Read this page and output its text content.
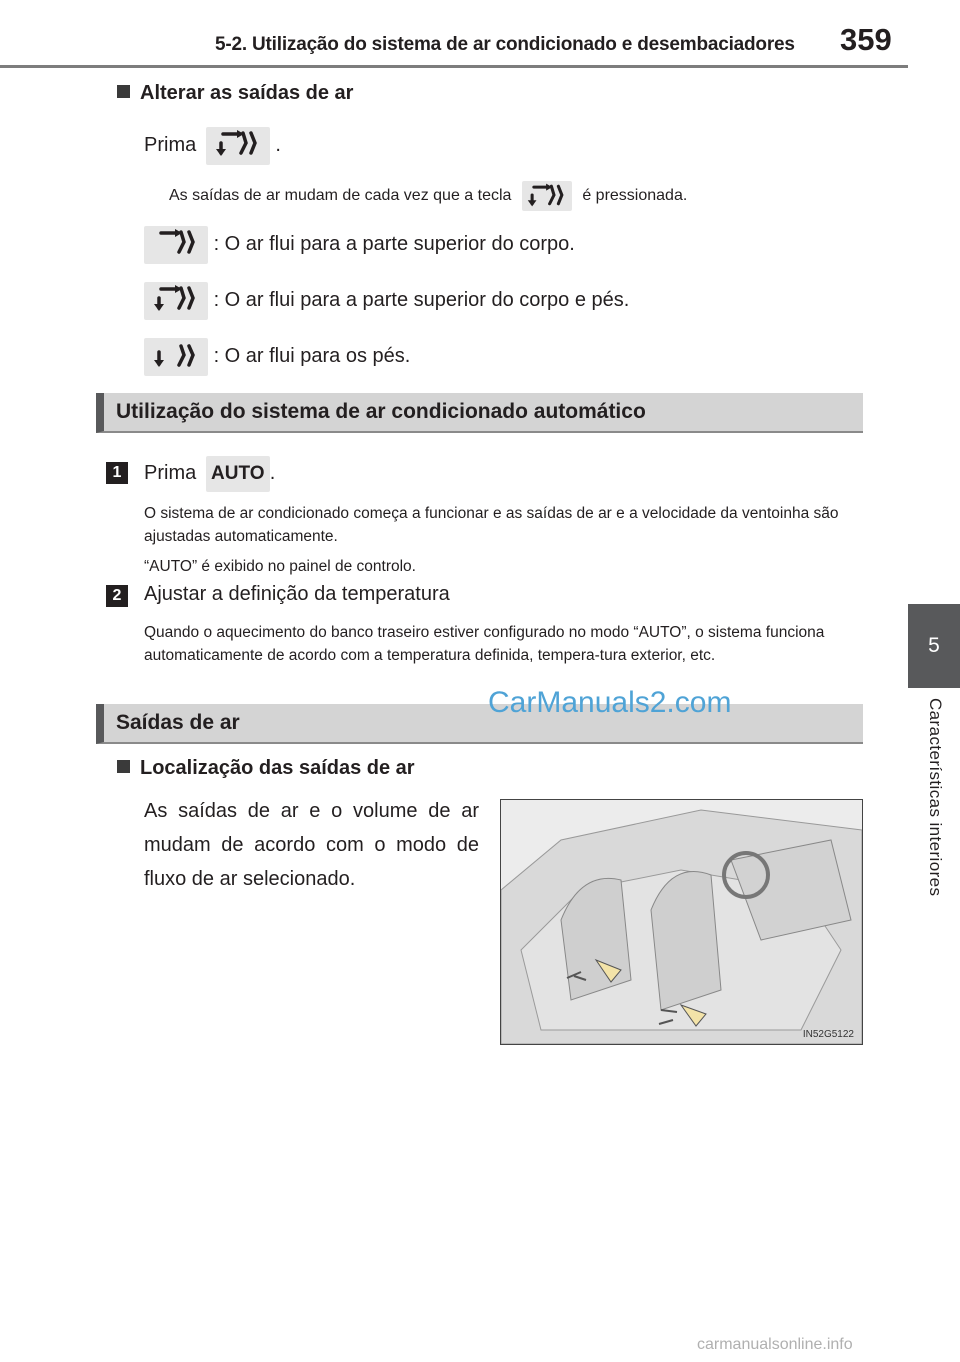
5-2. Utilização do sistema de ar condicionado e desembaciadores 359
5
Características interiores
Alterar as saídas de ar
Prima	.
As saídas de ar mudam de cada vez que a tecla	é pressionada.
: O ar flui para a parte superior do corpo.
: O ar flui para a parte superior do corpo e pés.
: O ar flui para os pés.
Utilização do sistema de ar condicionado automático
1	Prima AUTO .
O sistema de ar condicionado começa a funcionar e as saídas de ar e a velocidade da ventoinha são ajustadas automaticamente.
“AUTO” é exibido no painel de controlo.
2	Ajustar a definição da temperatura
Quando o aquecimento do banco traseiro estiver configurado no modo “AUTO”, o sistema funciona automaticamente de acordo com a temperatura definida, tempera-tura exterior, etc.
Saídas de ar
CarManuals2.com
Localização das saídas de ar
As saídas de ar e o volume de ar mudam de acordo com o modo de fluxo de ar selecionado.
IN52G5122
carmanualsonline.info
